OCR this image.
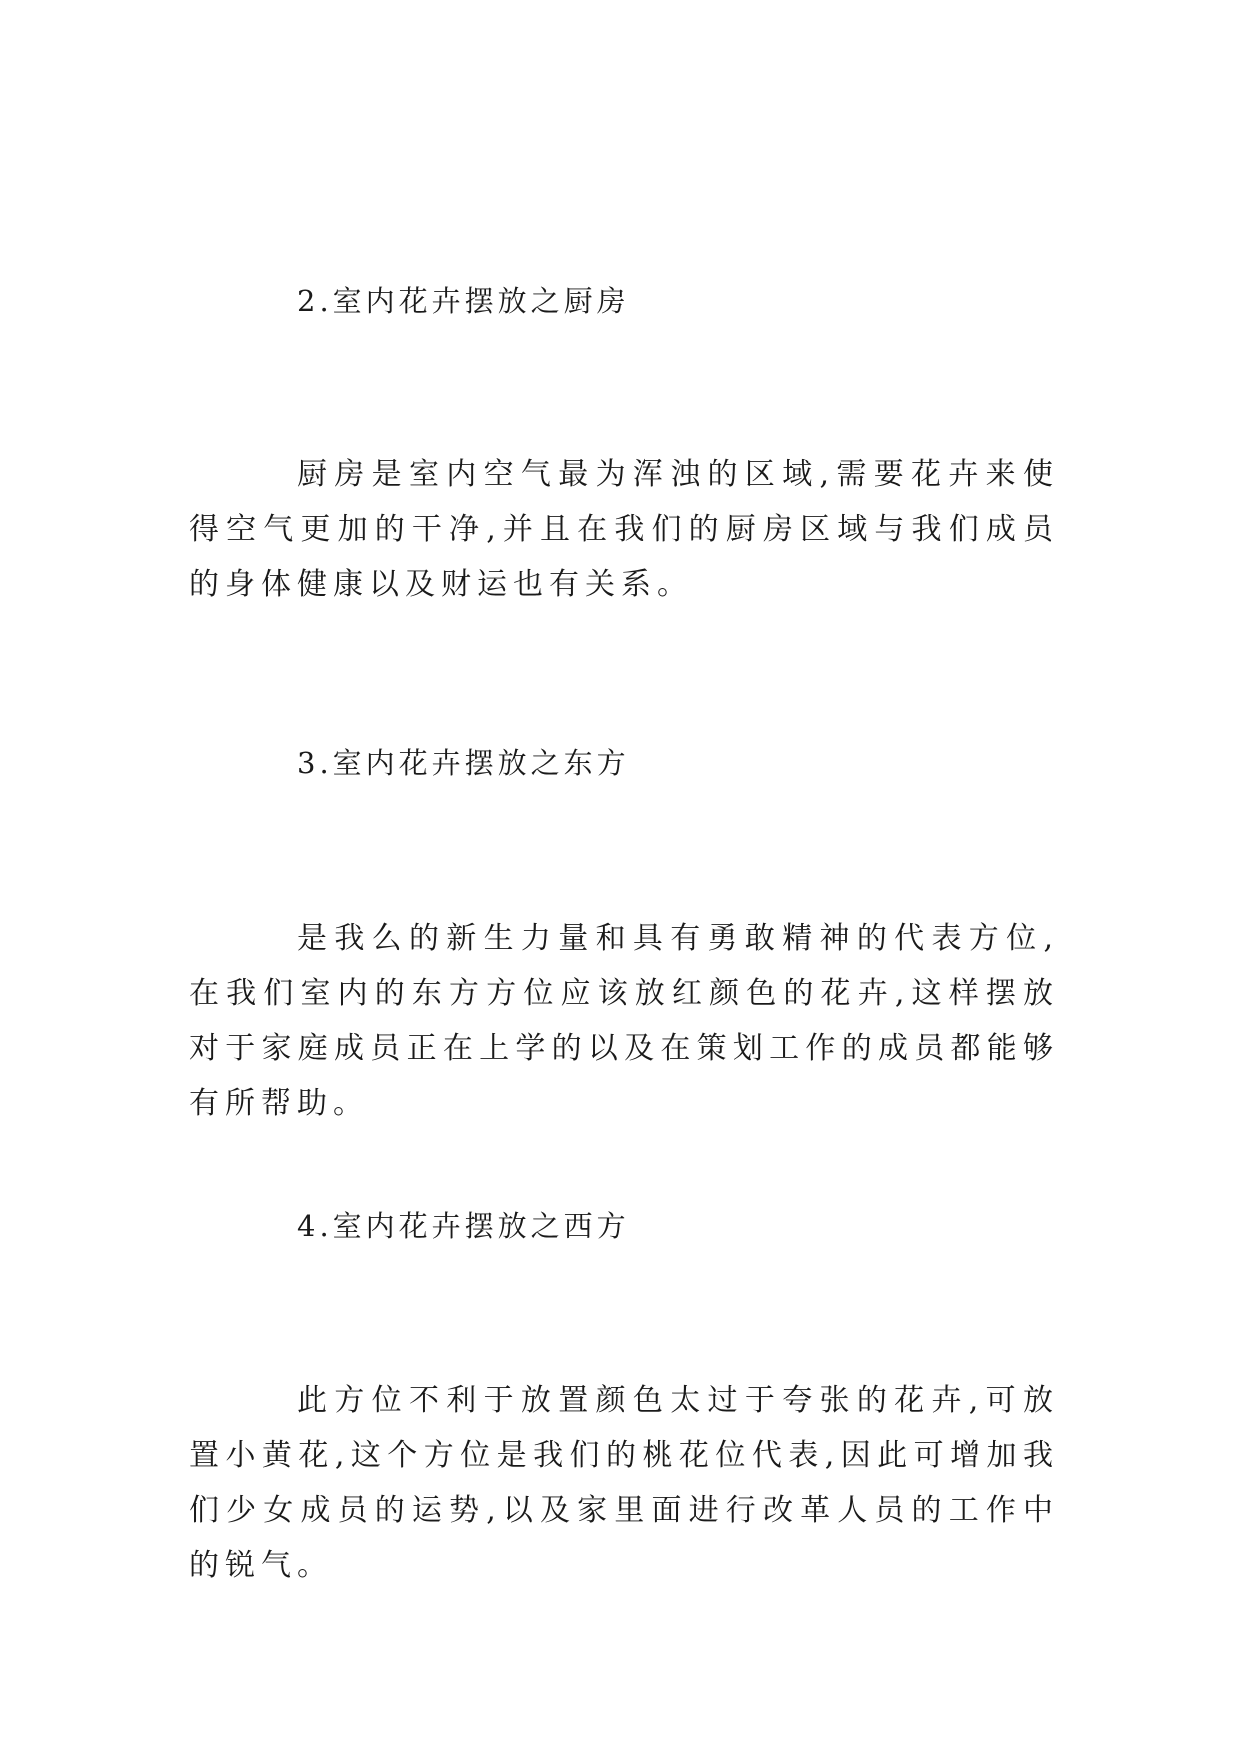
2.室内花卉摆放之厨房
厨房是室内空气最为浑浊的区域,需要花卉来使得空气更加的干净,并且在我们的厨房区域与我们成员的身体健康以及财运也有关系。
3.室内花卉摆放之东方
是我么的新生力量和具有勇敢精神的代表方位,在我们室内的东方方位应该放红颜色的花卉,这样摆放对于家庭成员正在上学的以及在策划工作的成员都能够有所帮助。
4.室内花卉摆放之西方
此方位不利于放置颜色太过于夸张的花卉,可放置小黄花,这个方位是我们的桃花位代表,因此可增加我们少女成员的运势,以及家里面进行改革人员的工作中的锐气。
